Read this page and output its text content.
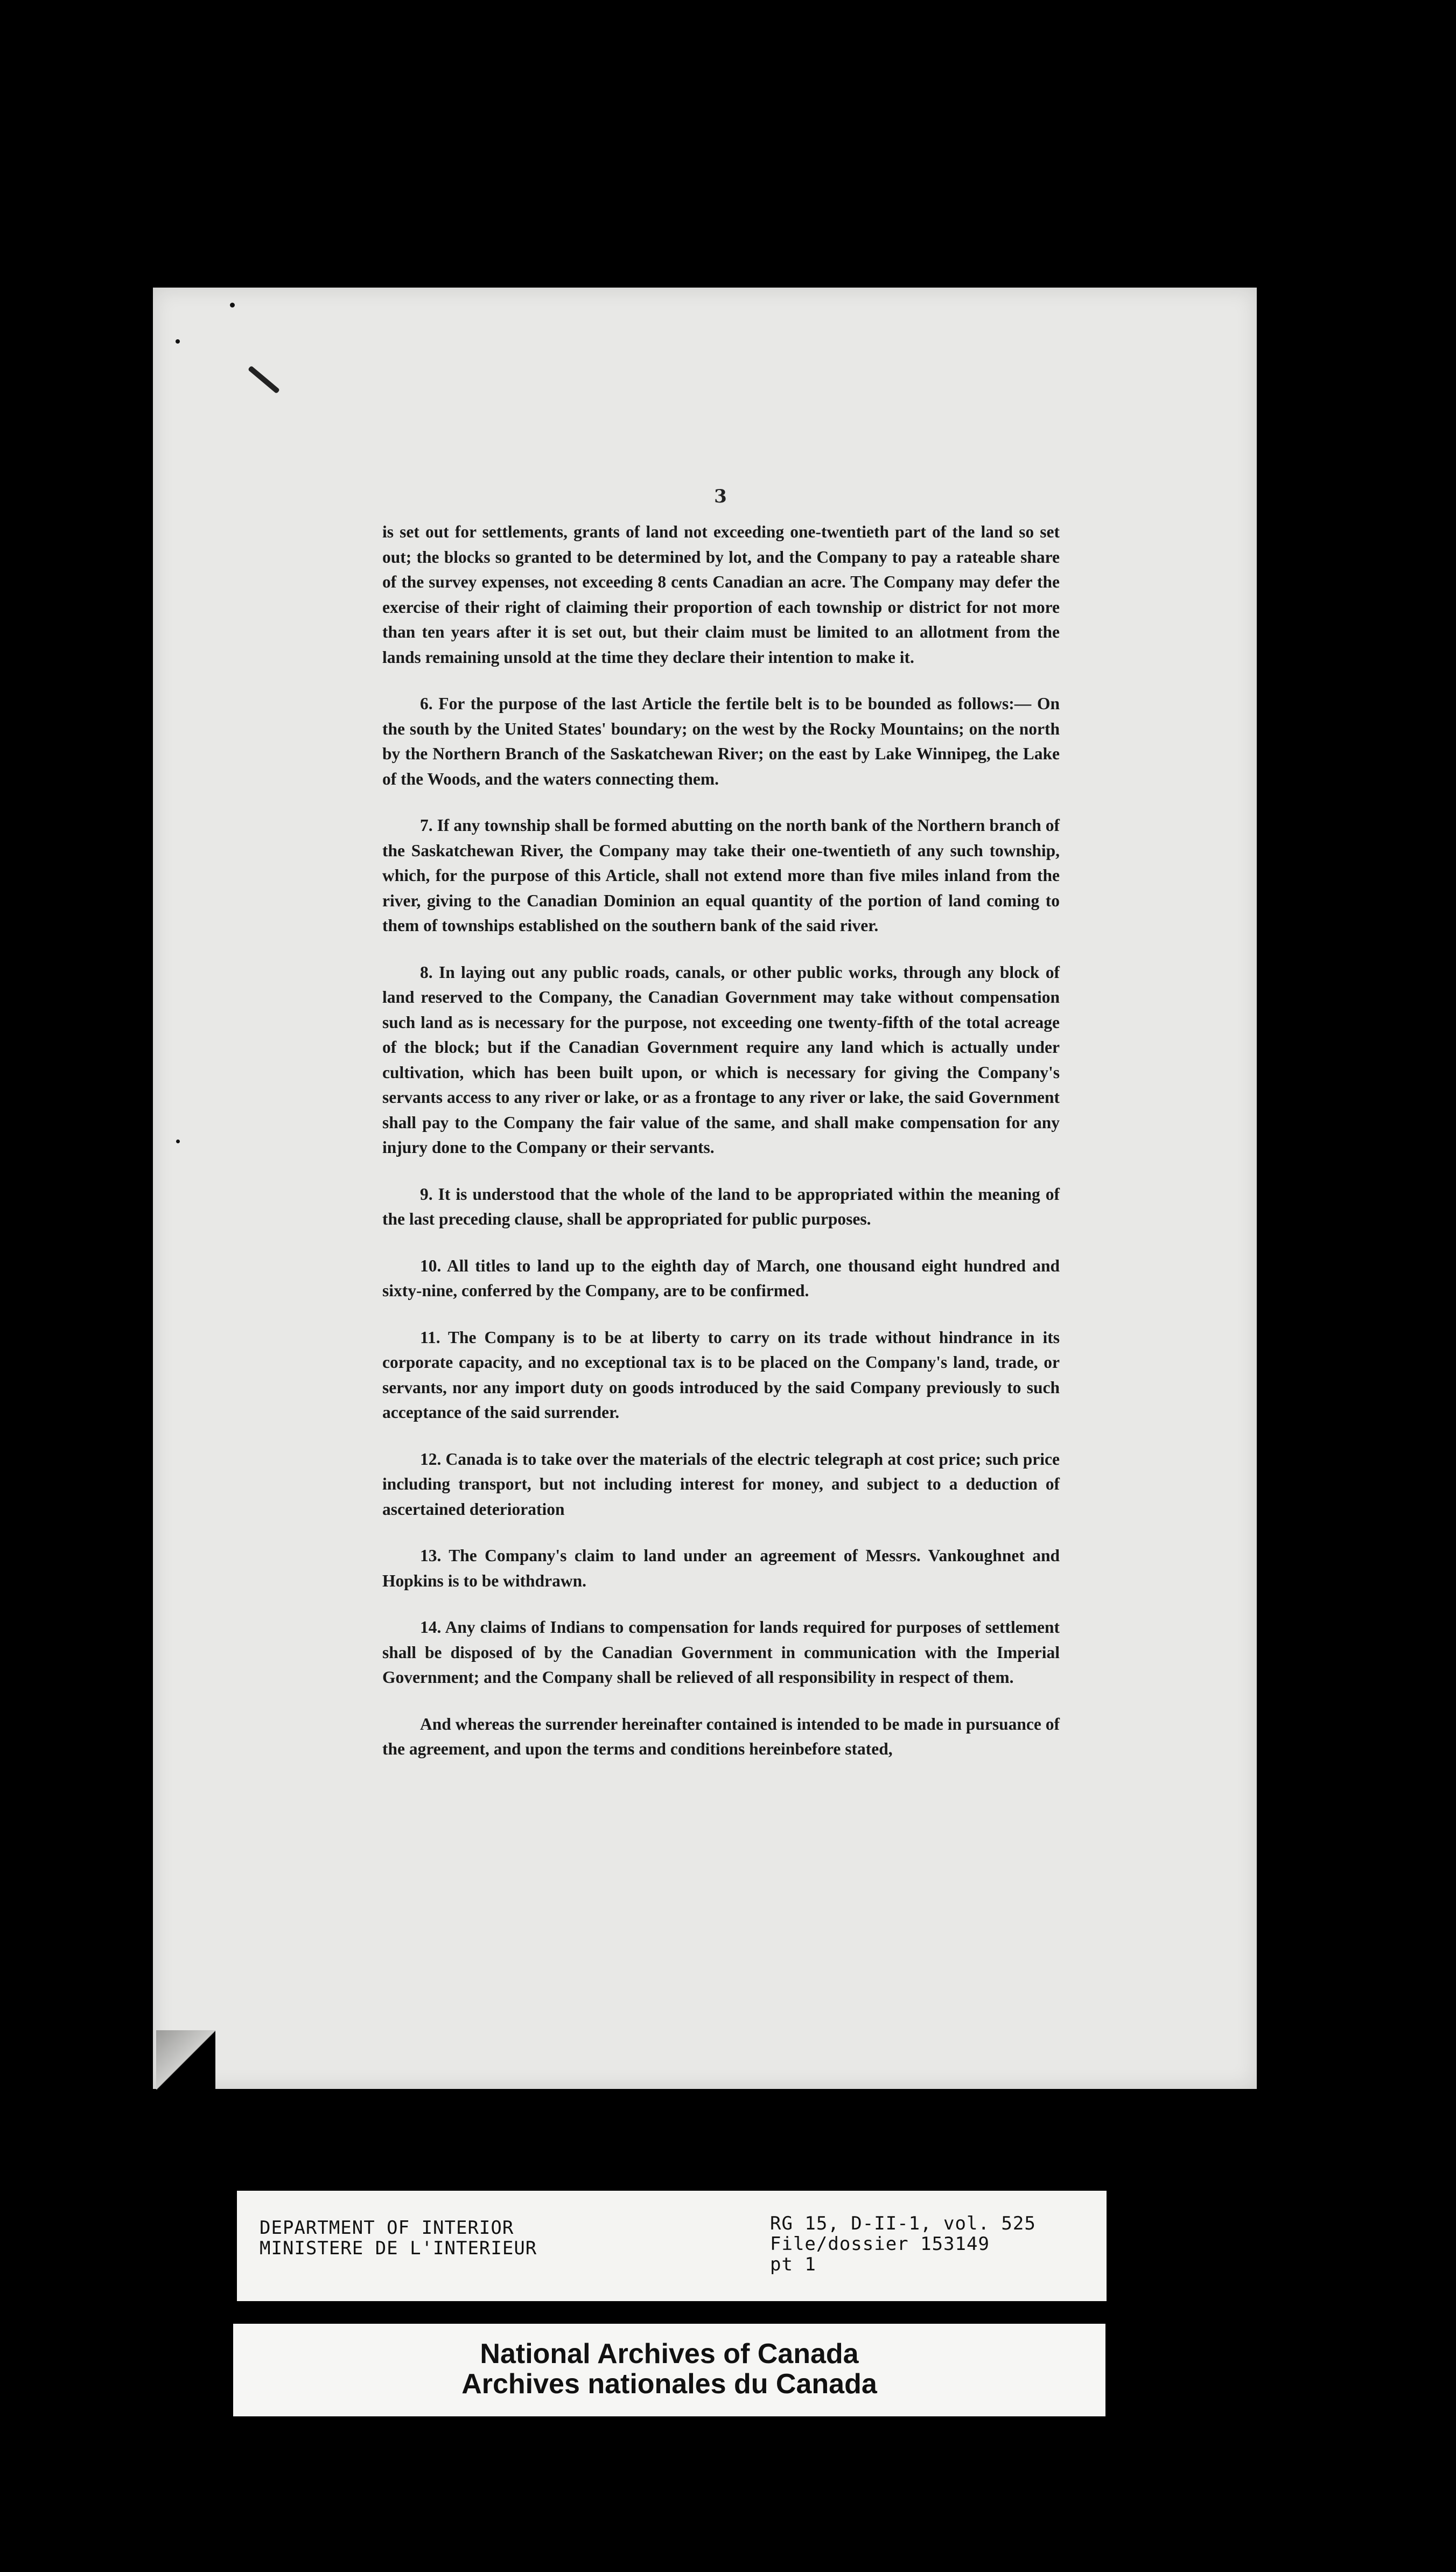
3

is set out for settlements, grants of land not exceeding one-twentieth part of the land so set out; the blocks so granted to be determined by lot, and the Company to pay a rateable share of the survey expenses, not exceeding 8 cents Canadian an acre. The Company may defer the exercise of their right of claiming their proportion of each township or district for not more than ten years after it is set out, but their claim must be limited to an allotment from the lands remaining unsold at the time they declare their intention to make it.

6. For the purpose of the last Article the fertile belt is to be bounded as follows:— On the south by the United States' boundary; on the west by the Rocky Mountains; on the north by the Northern Branch of the Saskatchewan River; on the east by Lake Winnipeg, the Lake of the Woods, and the waters connecting them.

7. If any township shall be formed abutting on the north bank of the Northern branch of the Saskatchewan River, the Company may take their one-twentieth of any such township, which, for the purpose of this Article, shall not extend more than five miles inland from the river, giving to the Canadian Dominion an equal quantity of the portion of land coming to them of townships established on the southern bank of the said river.

8. In laying out any public roads, canals, or other public works, through any block of land reserved to the Company, the Canadian Government may take without compensation such land as is necessary for the purpose, not exceeding one twenty-fifth of the total acreage of the block; but if the Canadian Government require any land which is actually under cultivation, which has been built upon, or which is necessary for giving the Company's servants access to any river or lake, or as a frontage to any river or lake, the said Government shall pay to the Company the fair value of the same, and shall make compensation for any injury done to the Company or their servants.

9. It is understood that the whole of the land to be appropriated within the meaning of the last preceding clause, shall be appropriated for public purposes.

10. All titles to land up to the eighth day of March, one thousand eight hundred and sixty-nine, conferred by the Company, are to be confirmed.

11. The Company is to be at liberty to carry on its trade without hindrance in its corporate capacity, and no exceptional tax is to be placed on the Company's land, trade, or servants, nor any import duty on goods introduced by the said Company previously to such acceptance of the said surrender.

12. Canada is to take over the materials of the electric telegraph at cost price; such price including transport, but not including interest for money, and subject to a deduction of ascertained deterioration

13. The Company's claim to land under an agreement of Messrs. Vankoughnet and Hopkins is to be withdrawn.

14. Any claims of Indians to compensation for lands required for purposes of settlement shall be disposed of by the Canadian Government in communication with the Imperial Government; and the Company shall be relieved of all responsibility in respect of them.

And whereas the surrender hereinafter contained is intended to be made in pursuance of the agreement, and upon the terms and conditions hereinbefore stated,

DEPARTMENT OF INTERIOR
MINISTERE DE L'INTERIEUR
RG 15, D-II-1, vol. 525
File/dossier 153149
pt 1
National Archives of Canada
Archives nationales du Canada
